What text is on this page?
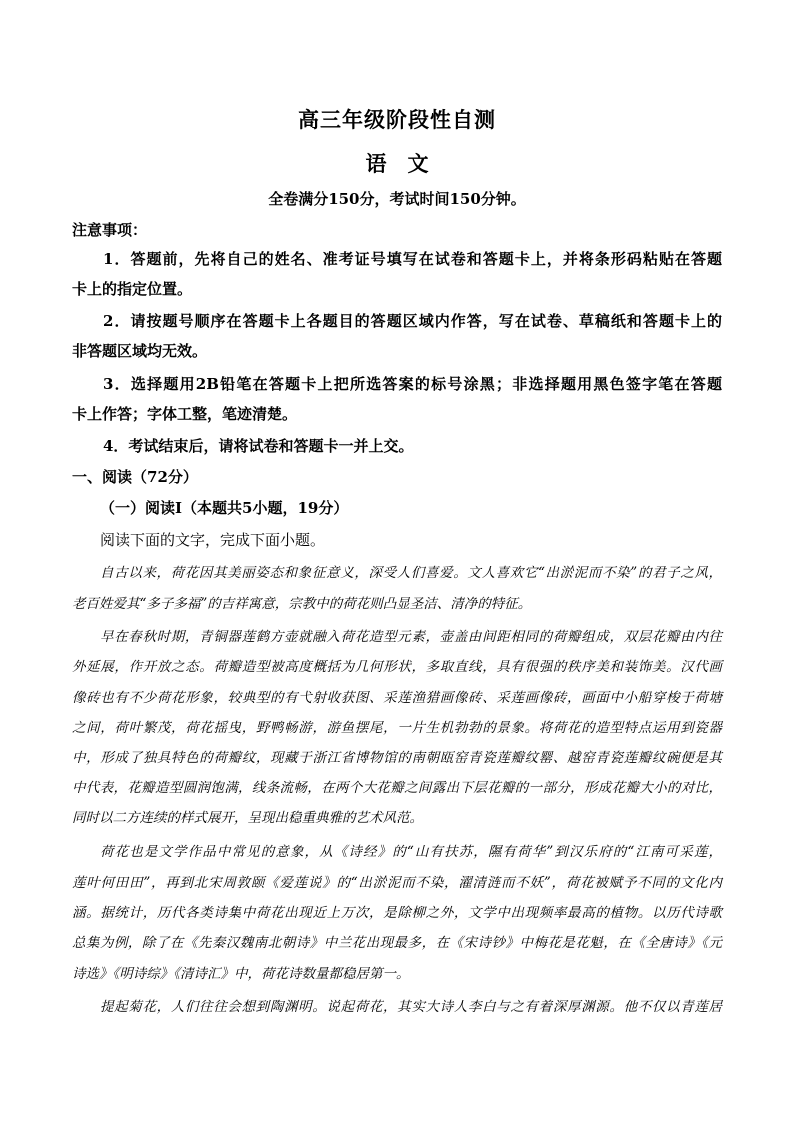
高三年级阶段性自测
语　文
全卷满分150分，考试时间150分钟。
注意事项：
1．答题前，先将自己的姓名、准考证号填写在试卷和答题卡上，并将条形码粘贴在答题
卡上的指定位置。
2．请按题号顺序在答题卡上各题目的答题区域内作答，写在试卷、草稿纸和答题卡上的
非答题区域均无效。
3．选择题用2B铅笔在答题卡上把所选答案的标号涂黑；非选择题用黑色签字笔在答题
卡上作答；字体工整，笔迹清楚。
4．考试结束后，请将试卷和答题卡一并上交。
一、阅读（72分）
（一）阅读Ⅰ（本题共5小题，19分）
阅读下面的文字，完成下面小题。
自古以来，荷花因其美丽姿态和象征意义，深受人们喜爱。文人喜欢它“出淤泥而不染”的君子之风，
老百姓爱其“多子多福”的吉祥寓意，宗教中的荷花则凸显圣洁、清净的特征。
早在春秋时期，青铜器莲鹤方壶就融入荷花造型元素，壶盖由间距相同的荷瓣组成，双层花瓣由内往
外延展，作开放之态。荷瓣造型被高度概括为几何形状，多取直线，具有很强的秩序美和装饰美。汉代画
像砖也有不少荷花形象，较典型的有弋射收获图、采莲渔猎画像砖、采莲画像砖，画面中小船穿梭于荷塘
之间，荷叶繁茂，荷花摇曳，野鸭畅游，游鱼摆尾，一片生机勃勃的景象。将荷花的造型特点运用到瓷器
中，形成了独具特色的荷瓣纹，现藏于浙江省博物馆的南朝瓯窑青瓷莲瓣纹罂、越窑青瓷莲瓣纹碗便是其
中代表，花瓣造型圆润饱满，线条流畅，在两个大花瓣之间露出下层花瓣的一部分，形成花瓣大小的对比，
同时以二方连续的样式展开，呈现出稳重典雅的艺术风范。
荷花也是文学作品中常见的意象，从《诗经》的“山有扶苏，隰有荷华”到汉乐府的“江南可采莲，
莲叶何田田”，再到北宋周敦颐《爱莲说》的“出淤泥而不染，濯清涟而不妖”，荷花被赋予不同的文化内
涵。据统计，历代各类诗集中荷花出现近上万次，是除柳之外，文学中出现频率最高的植物。以历代诗歌
总集为例，除了在《先秦汉魏南北朝诗》中兰花出现最多，在《宋诗钞》中梅花是花魁，在《全唐诗》《元
诗选》《明诗综》《清诗汇》中，荷花诗数量都稳居第一。
提起菊花，人们往往会想到陶渊明。说起荷花，其实大诗人李白与之有着深厚渊源。他不仅以青莲居
